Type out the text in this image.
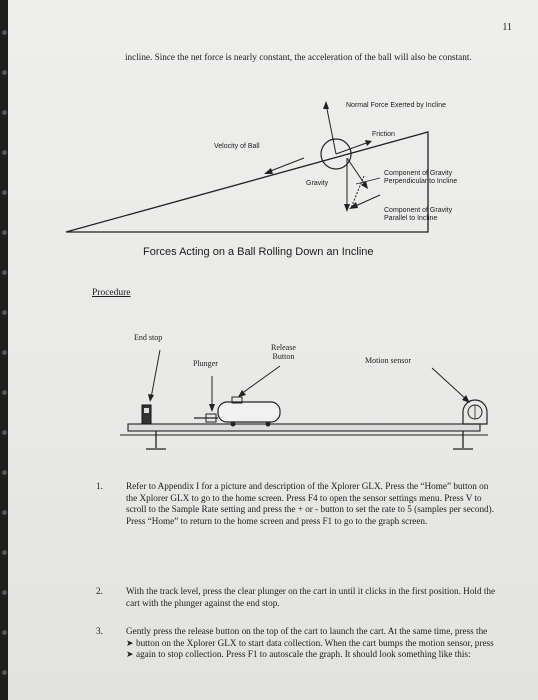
11
incline. Since the net force is nearly constant, the acceleration of the ball will also be constant.
Normal Force Exerted by Incline
Friction
Velocity of Ball
Gravity
Component of Gravity
Perpendicular to Incline
Component of Gravity
Parallel to Incline
Forces Acting on a Ball Rolling Down an Incline
Procedure
End stop
Plunger
Release
Button	Motion sensor
1.	Refer to Appendix I for a picture and description of the Xplorer GLX. Press the “Home” button on the Xplorer GLX to go to the home screen. Press F4 to open the sensor settings menu. Press V to scroll to the Sample Rate setting and press the + or - button to set the rate to 5 (samples per second). Press “Home” to return to the home screen and press F1 to go to the graph screen.
2.	With the track level, press the clear plunger on the cart in until it clicks in the first position. Hold the cart with the plunger against the end stop.
3.	Gently press the release button on the top of the cart to launch the cart. At the same time, press the ➤ button on the Xplorer GLX to start data collection. When the cart bumps the motion sensor, press ➤ again to stop collection. Press F1 to autoscale the graph. It should look something like this:
